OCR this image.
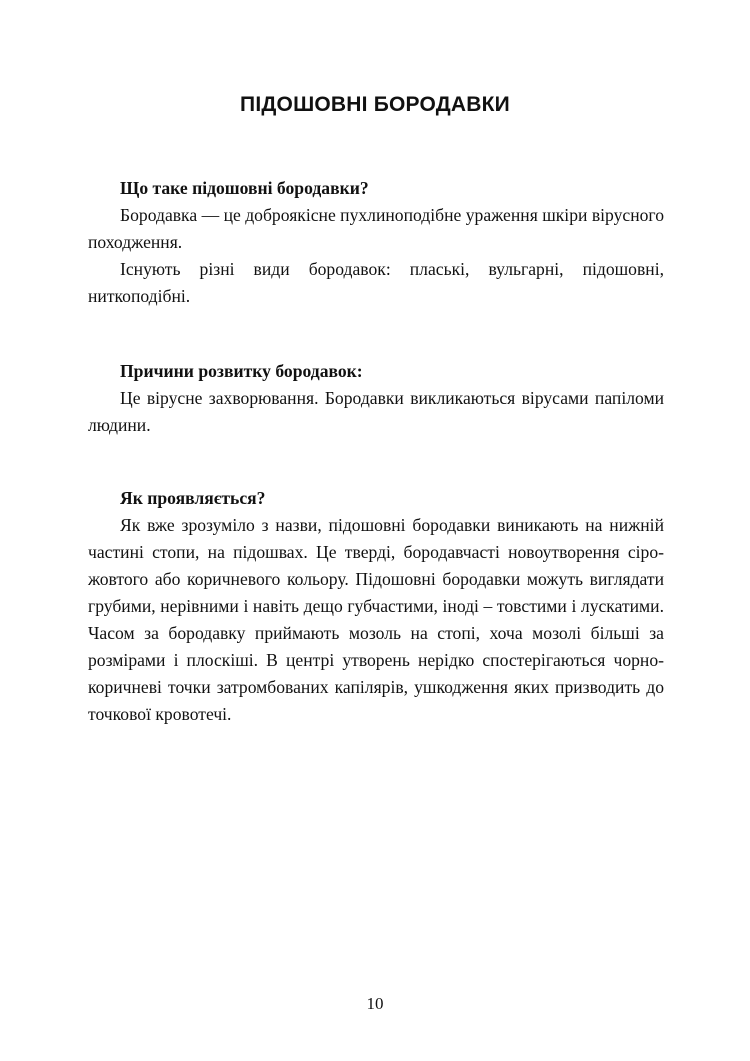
ПІДОШОВНІ БОРОДАВКИ
Що таке підошовні бородавки?

Бородавка — це доброякісне пухлиноподібне ураження шкіри вірусного походження.

Існують різні види бородавок: плаські, вульгарні, підошовні, ниткоподібні.

Причини розвитку бородавок:

Це вірусне захворювання. Бородавки викликаються вірусами папіломи людини.

Як проявляється?

Як вже зрозуміло з назви, підошовні бородавки виникають на нижній частині стопи, на підошвах. Це тверді, бородавчасті новоутворення сіро-жовтого або коричневого кольору. Підошовні бородавки можуть виглядати грубими, нерівними і навіть дещо губчастими, іноді – товстими і лускатими. Часом за бородавку приймають мозоль на стопі, хоча мозолі більші за розмірами і плоскіші. В центрі утворень нерідко спостерігаються чорно-коричневі точки затромбованих капілярів, ушкодження яких призводить до точкової кровотечі.

10
